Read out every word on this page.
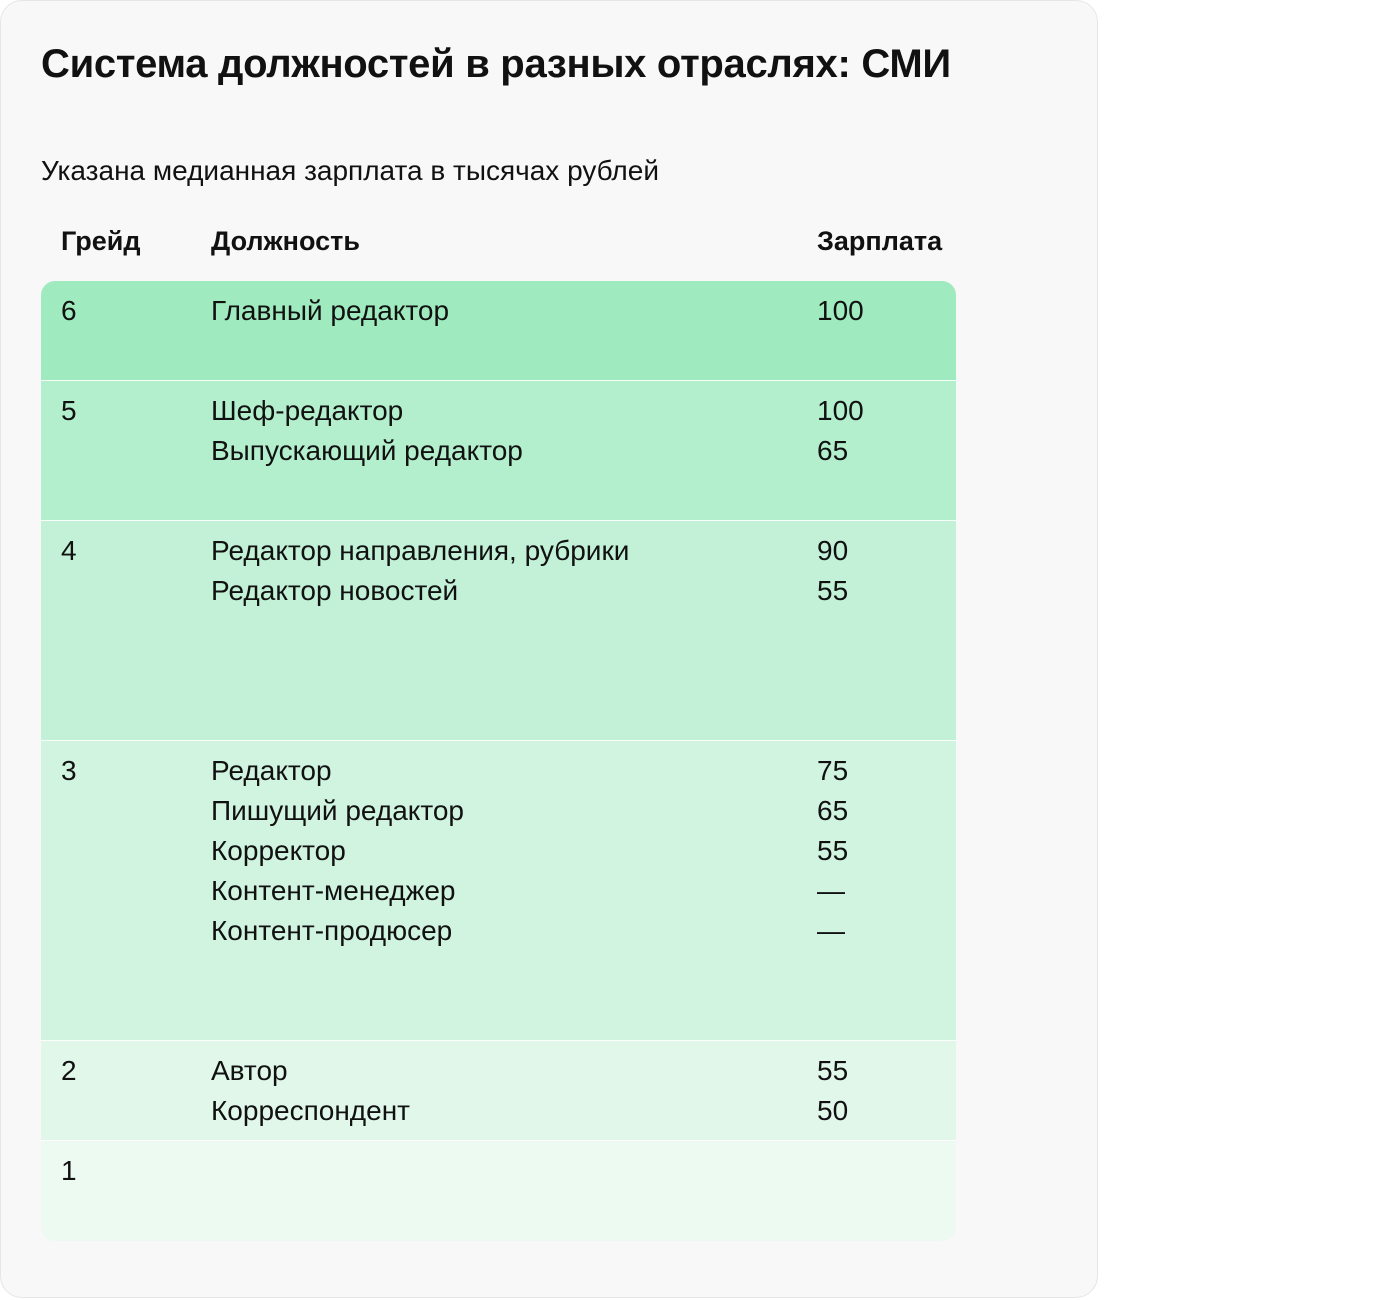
Система должностей в разных отраслях: СМИ

Указана медианная зарплата в тысячах рублей

Грейд	Должность	Зарплата
6	Главный редактор	100
5	Шеф-редактор	100
Выпускающий редактор	65
4	Редактор направления, рубрики	90
Редактор новостей	55
3	Редактор	75
Пишущий редактор	65
Корректор	55
Контент-менеджер	—
Контент-продюсер	—
2	Автор	55
Корреспондент	50
1
